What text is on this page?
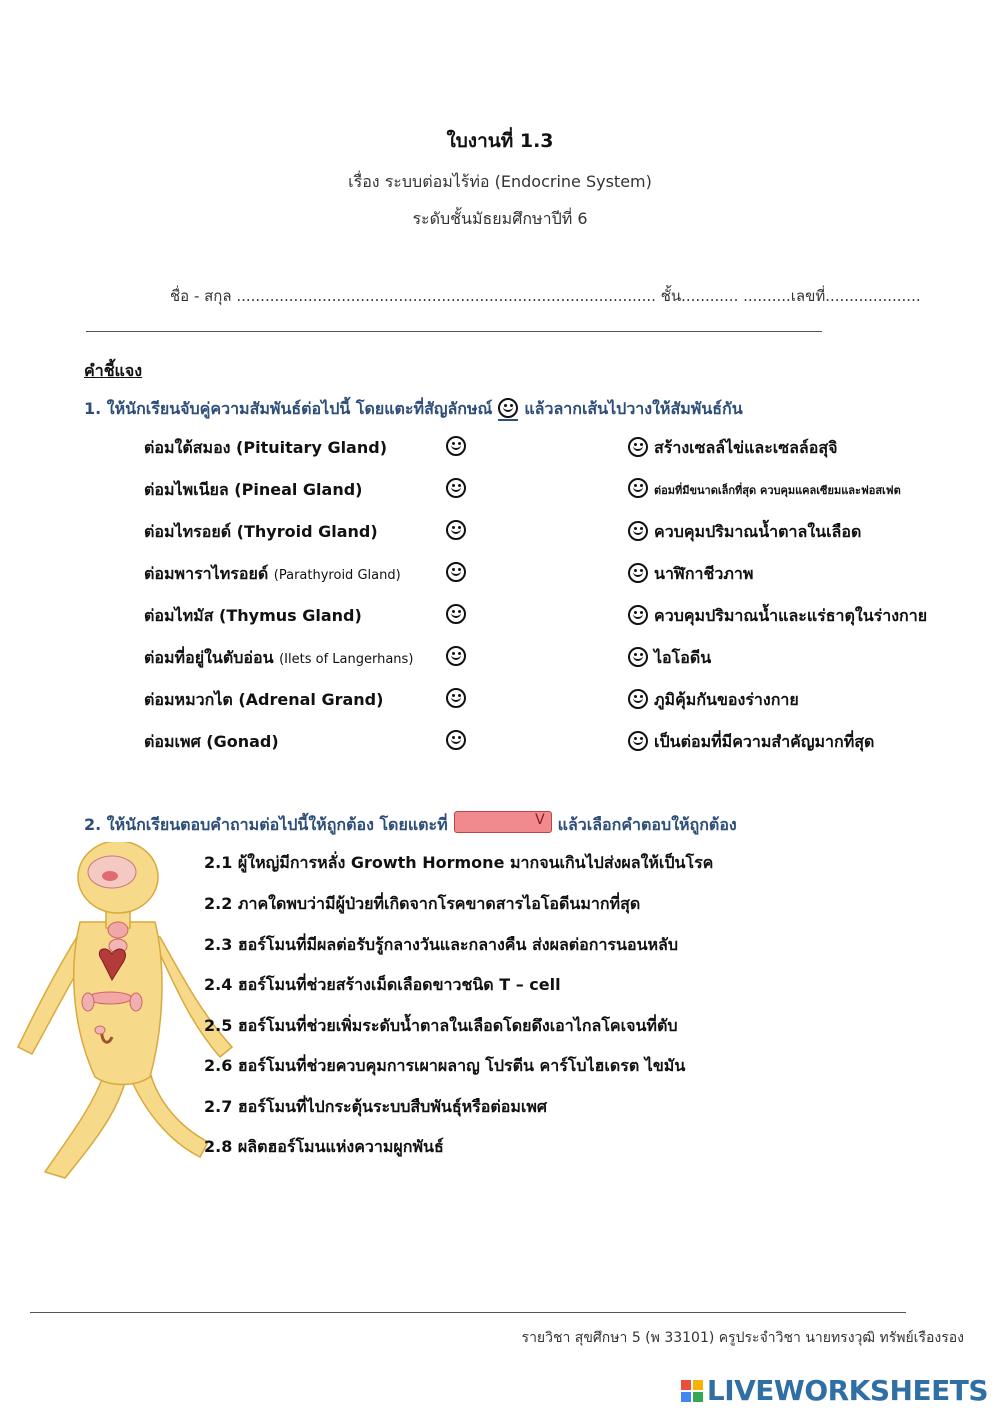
ใบงานที่ 1.3
เรื่อง ระบบต่อมไร้ท่อ (Endocrine System)
ระดับชั้นมัธยมศึกษาปีที่ 6
ชื่อ - สกุล ........................................................................................ ชั้น............ ..........เลขที่....................
คำชี้แจง
1. ให้นักเรียนจับคู่ความสัมพันธ์ต่อไปนี้ โดยแตะที่สัญลักษณ์ แล้วลากเส้นไปวางให้สัมพันธ์กัน
ต่อมใต้สมอง (Pituitary Gland)
ต่อมไพเนียล (Pineal Gland)
ต่อมไทรอยด์ (Thyroid Gland)
ต่อมพาราไทรอยด์ (Parathyroid Gland)
ต่อมไทมัส (Thymus Gland)
ต่อมที่อยู่ในตับอ่อน (Ilets of Langerhans)
ต่อมหมวกไต (Adrenal Grand)
ต่อมเพศ (Gonad)
สร้างเซลล์ไข่และเซลล์อสุจิ
ต่อมที่มีขนาดเล็กที่สุด ควบคุมแคลเซียมและฟอสเฟต
ควบคุมปริมาณน้ำตาลในเลือด
นาฬิกาชีวภาพ
ควบคุมปริมาณน้ำและแร่ธาตุในร่างกาย
ไอโอดีน
ภูมิคุ้มกันของร่างกาย
เป็นต่อมที่มีความสำคัญมากที่สุด
2. ให้นักเรียนตอบคำถามต่อไปนี้ให้ถูกต้อง โดยแตะที่	V แล้วเลือกคำตอบให้ถูกต้อง
2.1 ผู้ใหญ่มีการหลั่ง Growth Hormone มากจนเกินไปส่งผลให้เป็นโรค
2.2 ภาคใดพบว่ามีผู้ป่วยที่เกิดจากโรคขาดสารไอโอดีนมากที่สุด
2.3 ฮอร์โมนที่มีผลต่อรับรู้กลางวันและกลางคืน ส่งผลต่อการนอนหลับ
2.4 ฮอร์โมนที่ช่วยสร้างเม็ดเลือดขาวชนิด T – cell
2.5 ฮอร์โมนที่ช่วยเพิ่มระดับน้ำตาลในเลือดโดยดึงเอาไกลโคเจนที่ตับ
2.6 ฮอร์โมนที่ช่วยควบคุมการเผาผลาญ โปรตีน คาร์โบไฮเดรต ไขมัน
2.7 ฮอร์โมนที่ไปกระตุ้นระบบสืบพันธุ์หรือต่อมเพศ
2.8 ผลิตฮอร์โมนแห่งความผูกพันธ์
รายวิชา สุขศึกษา 5 (พ 33101) ครูประจำวิชา นายทรงวุฒิ ทรัพย์เรืองรอง
LIVEWORKSHEETS
